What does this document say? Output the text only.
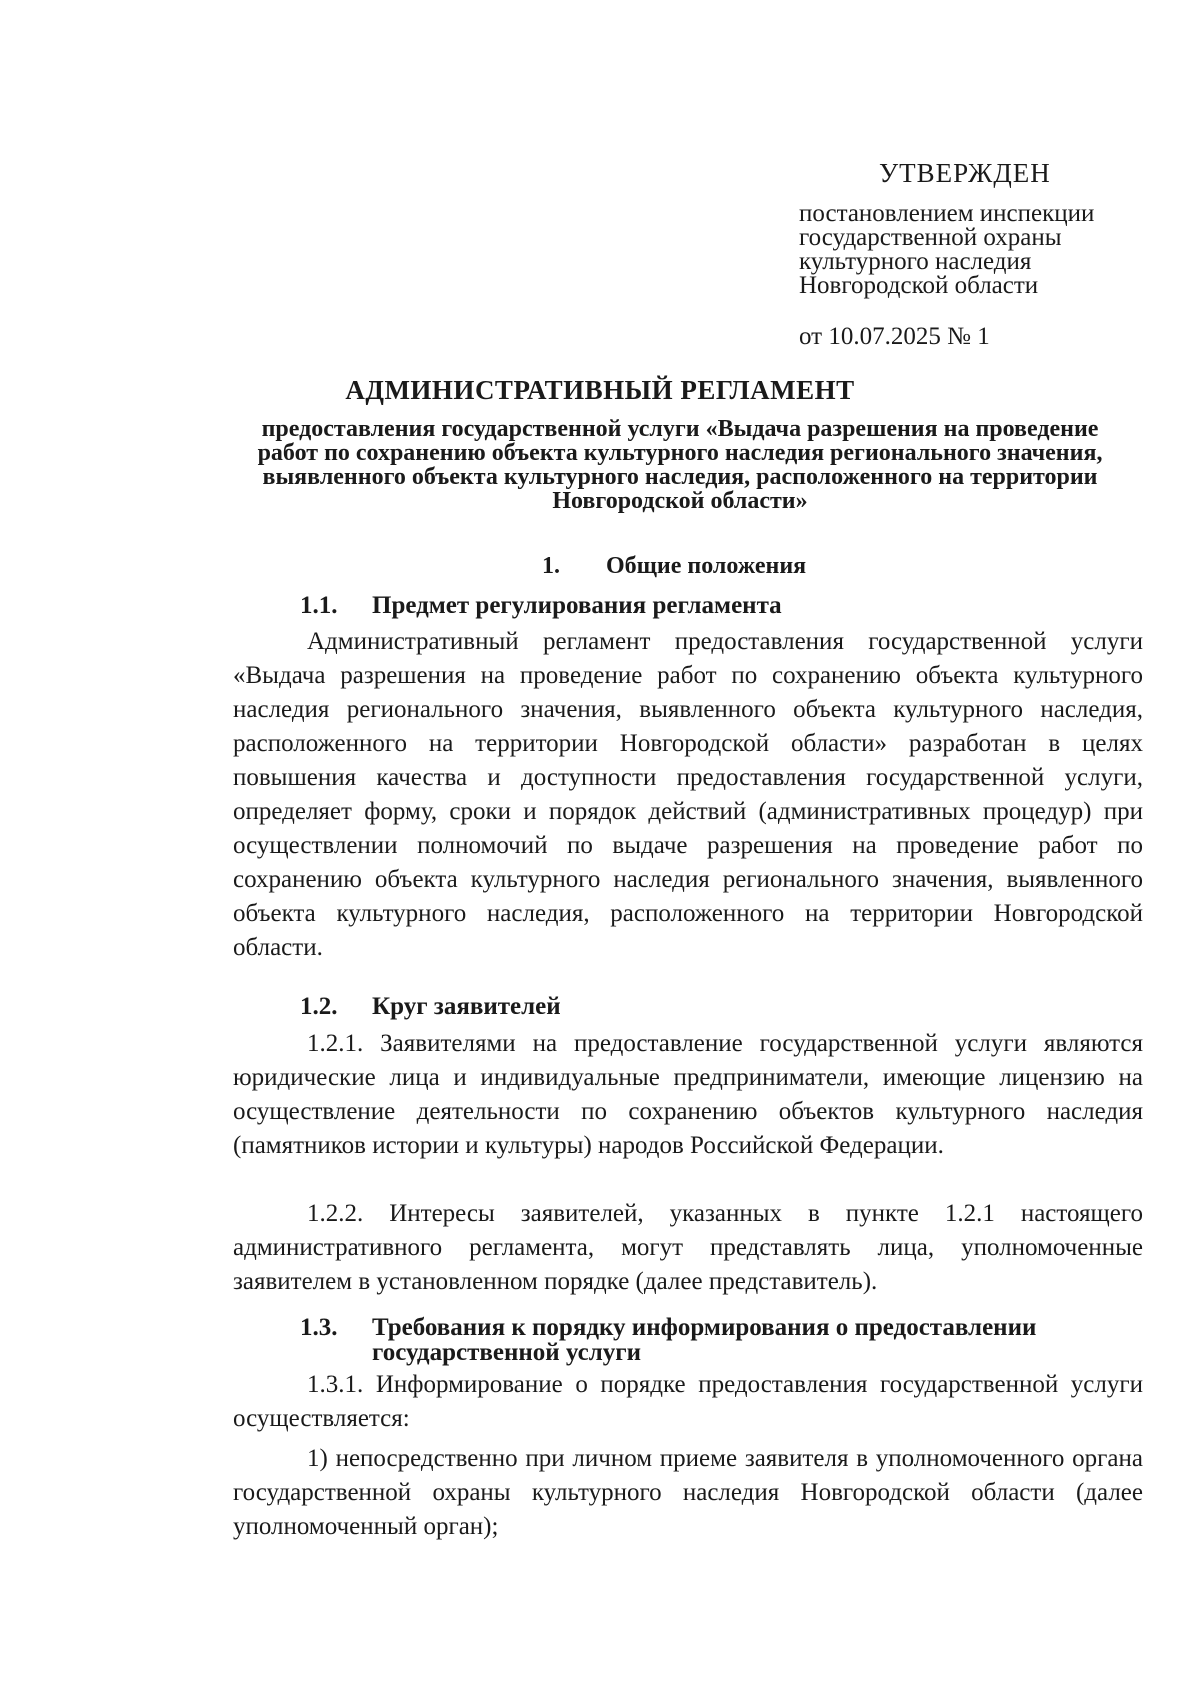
УТВЕРЖДЕН
постановлением инспекции
государственной охраны
культурного наследия
Новгородской области
от 10.07.2025 № 1
АДМИНИСТРАТИВНЫЙ РЕГЛАМЕНТ
предоставления государственной услуги «Выдача разрешения на проведение работ по сохранению объекта культурного наследия регионального значения, выявленного объекта культурного наследия, расположенного на территории Новгородской области»
1. Общие положения
1.1. Предмет регулирования регламента
Административный регламент предоставления государственной услуги «Выдача разрешения на проведение работ по сохранению объекта культурного наследия регионального значения, выявленного объекта культурного наследия, расположенного на территории Новгородской области» разработан в целях повышения качества и доступности предоставления государственной услуги, определяет форму, сроки и порядок действий (административных процедур) при осуществлении полномочий по выдаче разрешения на проведение работ по сохранению объекта культурного наследия регионального значения, выявленного объекта культурного наследия, расположенного на территории Новгородской области.
1.2. Круг заявителей
1.2.1. Заявителями на предоставление государственной услуги являются юридические лица и индивидуальные предприниматели, имеющие лицензию на осуществление деятельности по сохранению объектов культурного наследия (памятников истории и культуры) народов Российской Федерации.
1.2.2. Интересы заявителей, указанных в пункте 1.2.1 настоящего административного регламента, могут представлять лица, уполномоченные заявителем в установленном порядке (далее представитель).
1.3. Требования к порядку информирования о предоставлении государственной услуги
1.3.1. Информирование о порядке предоставления государственной услуги осуществляется:
1) непосредственно при личном приеме заявителя в уполномоченного органа государственной охраны культурного наследия Новгородской области (далее уполномоченный орган);
